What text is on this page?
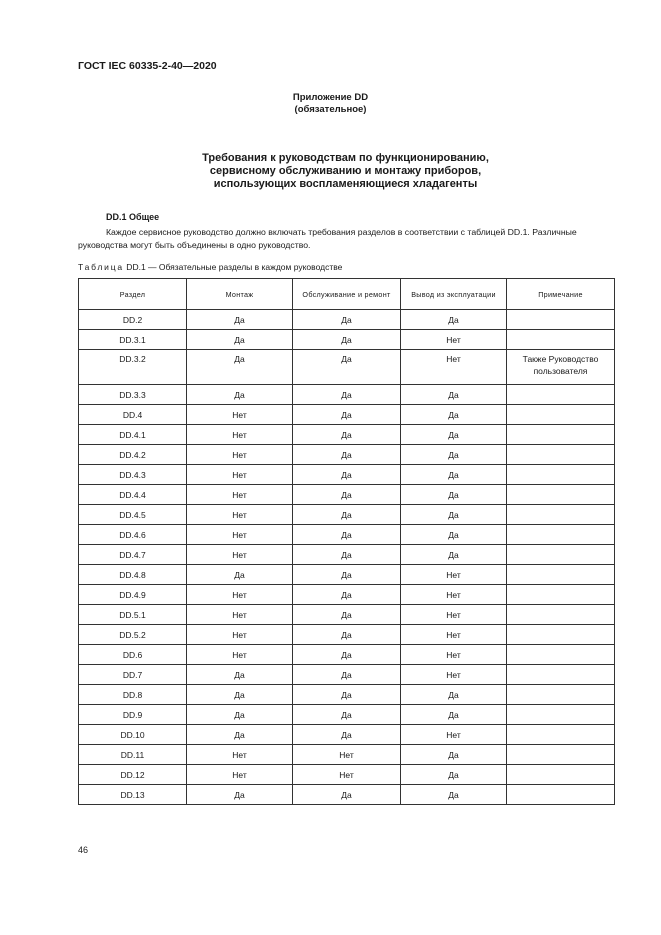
ГОСТ IEC 60335-2-40—2020
Приложение DD
(обязательное)
Требования к руководствам по функционированию,
сервисному обслуживанию и монтажу приборов,
использующих воспламеняющиеся хладагенты
DD.1 Общее
Каждое сервисное руководство должно включать требования разделов в соответствии с таблицей DD.1. Различные руководства могут быть объединены в одно руководство.
Таблица DD.1 — Обязательные разделы в каждом руководстве
Раздел	Монтаж	Обслуживание и ремонт	Вывод из эксплуатации	Примечание
DD.2	Да	Да	Да	
DD.3.1	Да	Да	Нет	
DD.3.2	Да	Да	Нет	Также Руководство пользователя
DD.3.3	Да	Да	Да	
DD.4	Нет	Да	Да	
DD.4.1	Нет	Да	Да	
DD.4.2	Нет	Да	Да	
DD.4.3	Нет	Да	Да	
DD.4.4	Нет	Да	Да	
DD.4.5	Нет	Да	Да	
DD.4.6	Нет	Да	Да	
DD.4.7	Нет	Да	Да	
DD.4.8	Да	Да	Нет	
DD.4.9	Нет	Да	Нет	
DD.5.1	Нет	Да	Нет	
DD.5.2	Нет	Да	Нет	
DD.6	Нет	Да	Нет	
DD.7	Да	Да	Нет	
DD.8	Да	Да	Да	
DD.9	Да	Да	Да	
DD.10	Да	Да	Нет	
DD.11	Нет	Нет	Да	
DD.12	Нет	Нет	Да	
DD.13	Да	Да	Да	
46
